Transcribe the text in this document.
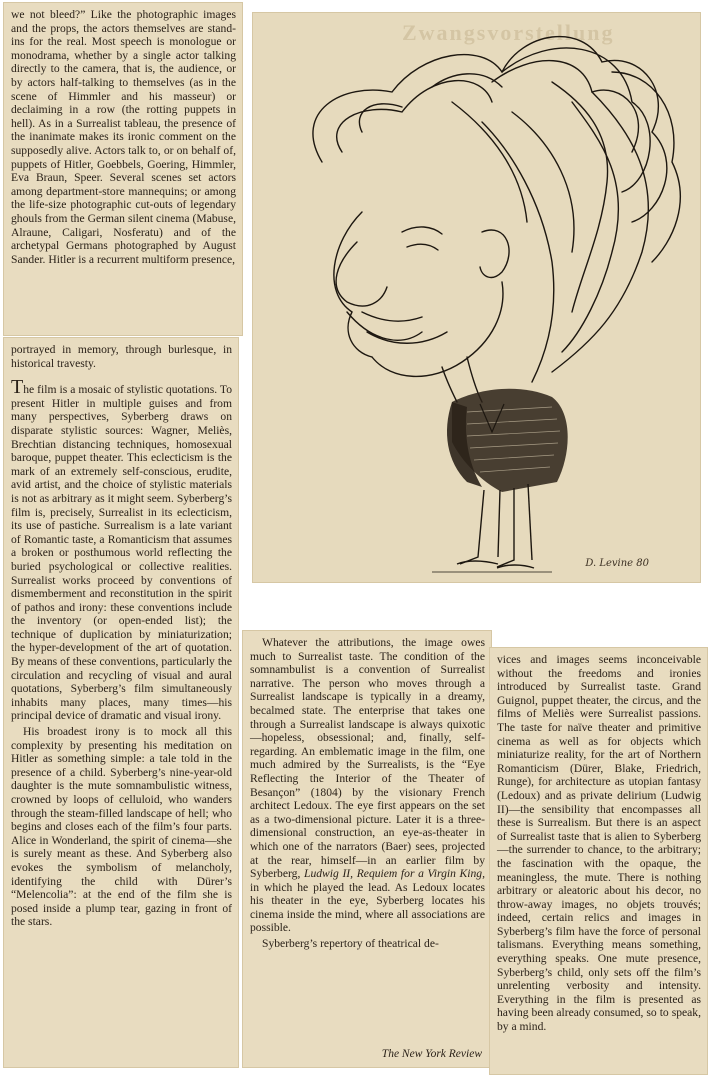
we not bleed?” Like the photographic images and the props, the actors themselves are stand-ins for the real. Most speech is monologue or monodrama, whether by a single actor talking directly to the camera, that is, the audience, or by actors half-talking to themselves (as in the scene of Himmler and his masseur) or declaiming in a row (the rotting puppets in hell). As in a Surrealist tableau, the presence of the inanimate makes its ironic comment on the supposedly alive. Actors talk to, or on behalf of, puppets of Hitler, Goebbels, Goering, Himmler, Eva Braun, Speer. Several scenes set actors among department-store mannequins; or among the life-size photographic cut-outs of legendary ghouls from the German silent cinema (Mabuse, Alraune, Caligari, Nosferatu) and of the archetypal Germans photographed by August Sander. Hitler is a recurrent multiform presence,

portrayed in memory, through burlesque, in historical travesty.

The film is a mosaic of stylistic quotations. To present Hitler in multiple guises and from many perspectives, Syberberg draws on disparate stylistic sources: Wagner, Meliès, Brechtian distancing techniques, homosexual baroque, puppet theater. This eclecticism is the mark of an extremely self-conscious, erudite, avid artist, and the choice of stylistic materials is not as arbitrary as it might seem. Syberberg’s film is, precisely, Surrealist in its eclecticism, its use of pastiche. Surrealism is a late variant of Romantic taste, a Romanticism that assumes a broken or posthumous world reflecting the buried psychological or collective realities. Surrealist works proceed by conventions of dismemberment and reconstitution in the spirit of pathos and irony: these conventions include the inventory (or open-ended list); the technique of duplication by miniaturization; the hyper-development of the art of quotation. By means of these conventions, particularly the circulation and recycling of visual and aural quotations, Syberberg’s film simultaneously inhabits many places, many times—his principal device of dramatic and visual irony.

His broadest irony is to mock all this complexity by presenting his meditation on Hitler as something simple: a tale told in the presence of a child. Syberberg’s nine-year-old daughter is the mute somnambulistic witness, crowned by loops of celluloid, who wanders through the steam-filled landscape of hell; who begins and closes each of the film’s four parts. Alice in Wonderland, the spirit of cinema—she is surely meant as these. And Syberberg also evokes the symbolism of melancholy, identifying the child with Dürer’s “Melencolia”: at the end of the film she is posed inside a plump tear, gazing in front of the stars.

Zwangsvorstellung
D. Levine 80

Whatever the attributions, the image owes much to Surrealist taste. The condition of the somnambulist is a convention of Surrealist narrative. The person who moves through a Surrealist landscape is typically in a dreamy, becalmed state. The enterprise that takes one through a Surrealist landscape is always quixotic—hopeless, obsessional; and, finally, self-regarding. An emblematic image in the film, one much admired by the Surrealists, is the “Eye Reflecting the Interior of the Theater of Besançon” (1804) by the visionary French architect Ledoux. The eye first appears on the set as a two-dimensional picture. Later it is a three-dimensional construction, an eye-as-theater in which one of the narrators (Baer) sees, projected at the rear, himself—in an earlier film by Syberberg, Ludwig II, Requiem for a Virgin King, in which he played the lead. As Ledoux locates his theater in the eye, Syberberg locates his cinema inside the mind, where all associations are possible.

Syberberg’s repertory of theatrical de-

The New York Review

vices and images seems inconceivable without the freedoms and ironies introduced by Surrealist taste. Grand Guignol, puppet theater, the circus, and the films of Meliès were Surrealist passions. The taste for naïve theater and primitive cinema as well as for objects which miniaturize reality, for the art of Northern Romanticism (Dürer, Blake, Friedrich, Runge), for architecture as utopian fantasy (Ledoux) and as private delirium (Ludwig II)—the sensibility that encompasses all these is Surrealism. But there is an aspect of Surrealist taste that is alien to Syberberg—the surrender to chance, to the arbitrary; the fascination with the opaque, the meaningless, the mute. There is nothing arbitrary or aleatoric about his decor, no throw-away images, no objets trouvés; indeed, certain relics and images in Syberberg’s film have the force of personal talismans. Everything means something, everything speaks. One mute presence, Syberberg’s child, only sets off the film’s unrelenting verbosity and intensity. Everything in the film is presented as having been already consumed, so to speak, by a mind.
